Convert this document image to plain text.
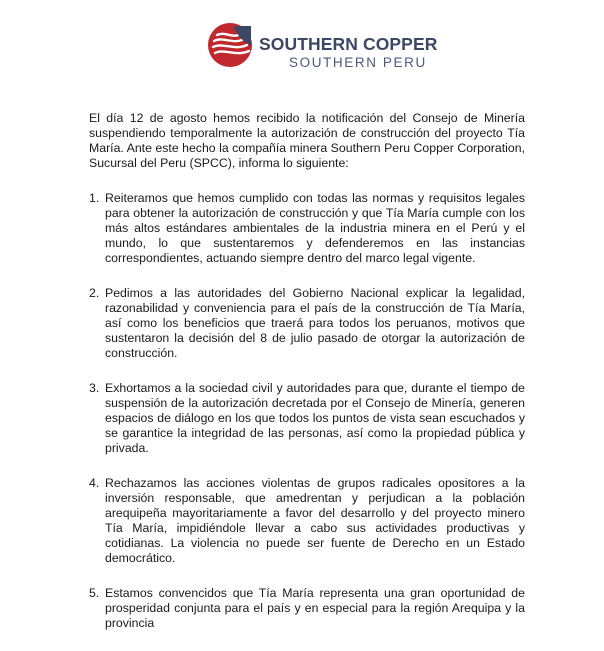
SOUTHERN COPPER
SOUTHERN PERU

El día 12 de agosto hemos recibido la notificación del Consejo de Minería suspendiendo temporalmente la autorización de construcción del proyecto Tía María. Ante este hecho la compañía minera Southern Peru Copper Corporation, Sucursal del Peru (SPCC), informa lo siguiente:

1. Reiteramos que hemos cumplido con todas las normas y requisitos legales para obtener la autorización de construcción y que Tía María cumple con los más altos estándares ambientales de la industria minera en el Perú y el mundo, lo que sustentaremos y defenderemos en las instancias correspondientes, actuando siempre dentro del marco legal vigente.
2. Pedimos a las autoridades del Gobierno Nacional explicar la legalidad, razonabilidad y conveniencia para el país de la construcción de Tía María, así como los beneficios que traerá para todos los peruanos, motivos que sustentaron la decisión del 8 de julio pasado de otorgar la autorización de construcción.
3. Exhortamos a la sociedad civil y autoridades para que, durante el tiempo de suspensión de la autorización decretada por el Consejo de Minería, generen espacios de diálogo en los que todos los puntos de vista sean escuchados y se garantice la integridad de las personas, así como la propiedad pública y privada.
4. Rechazamos las acciones violentas de grupos radicales opositores a la inversión responsable, que amedrentan y perjudican a la población arequipeña mayoritariamente a favor del desarrollo y del proyecto minero Tía María, impidiéndole llevar a cabo sus actividades productivas y cotidianas. La violencia no puede ser fuente de Derecho en un Estado democrático.
5. Estamos convencidos que Tía María representa una gran oportunidad de prosperidad conjunta para el país y en especial para la región Arequipa y la provincia
